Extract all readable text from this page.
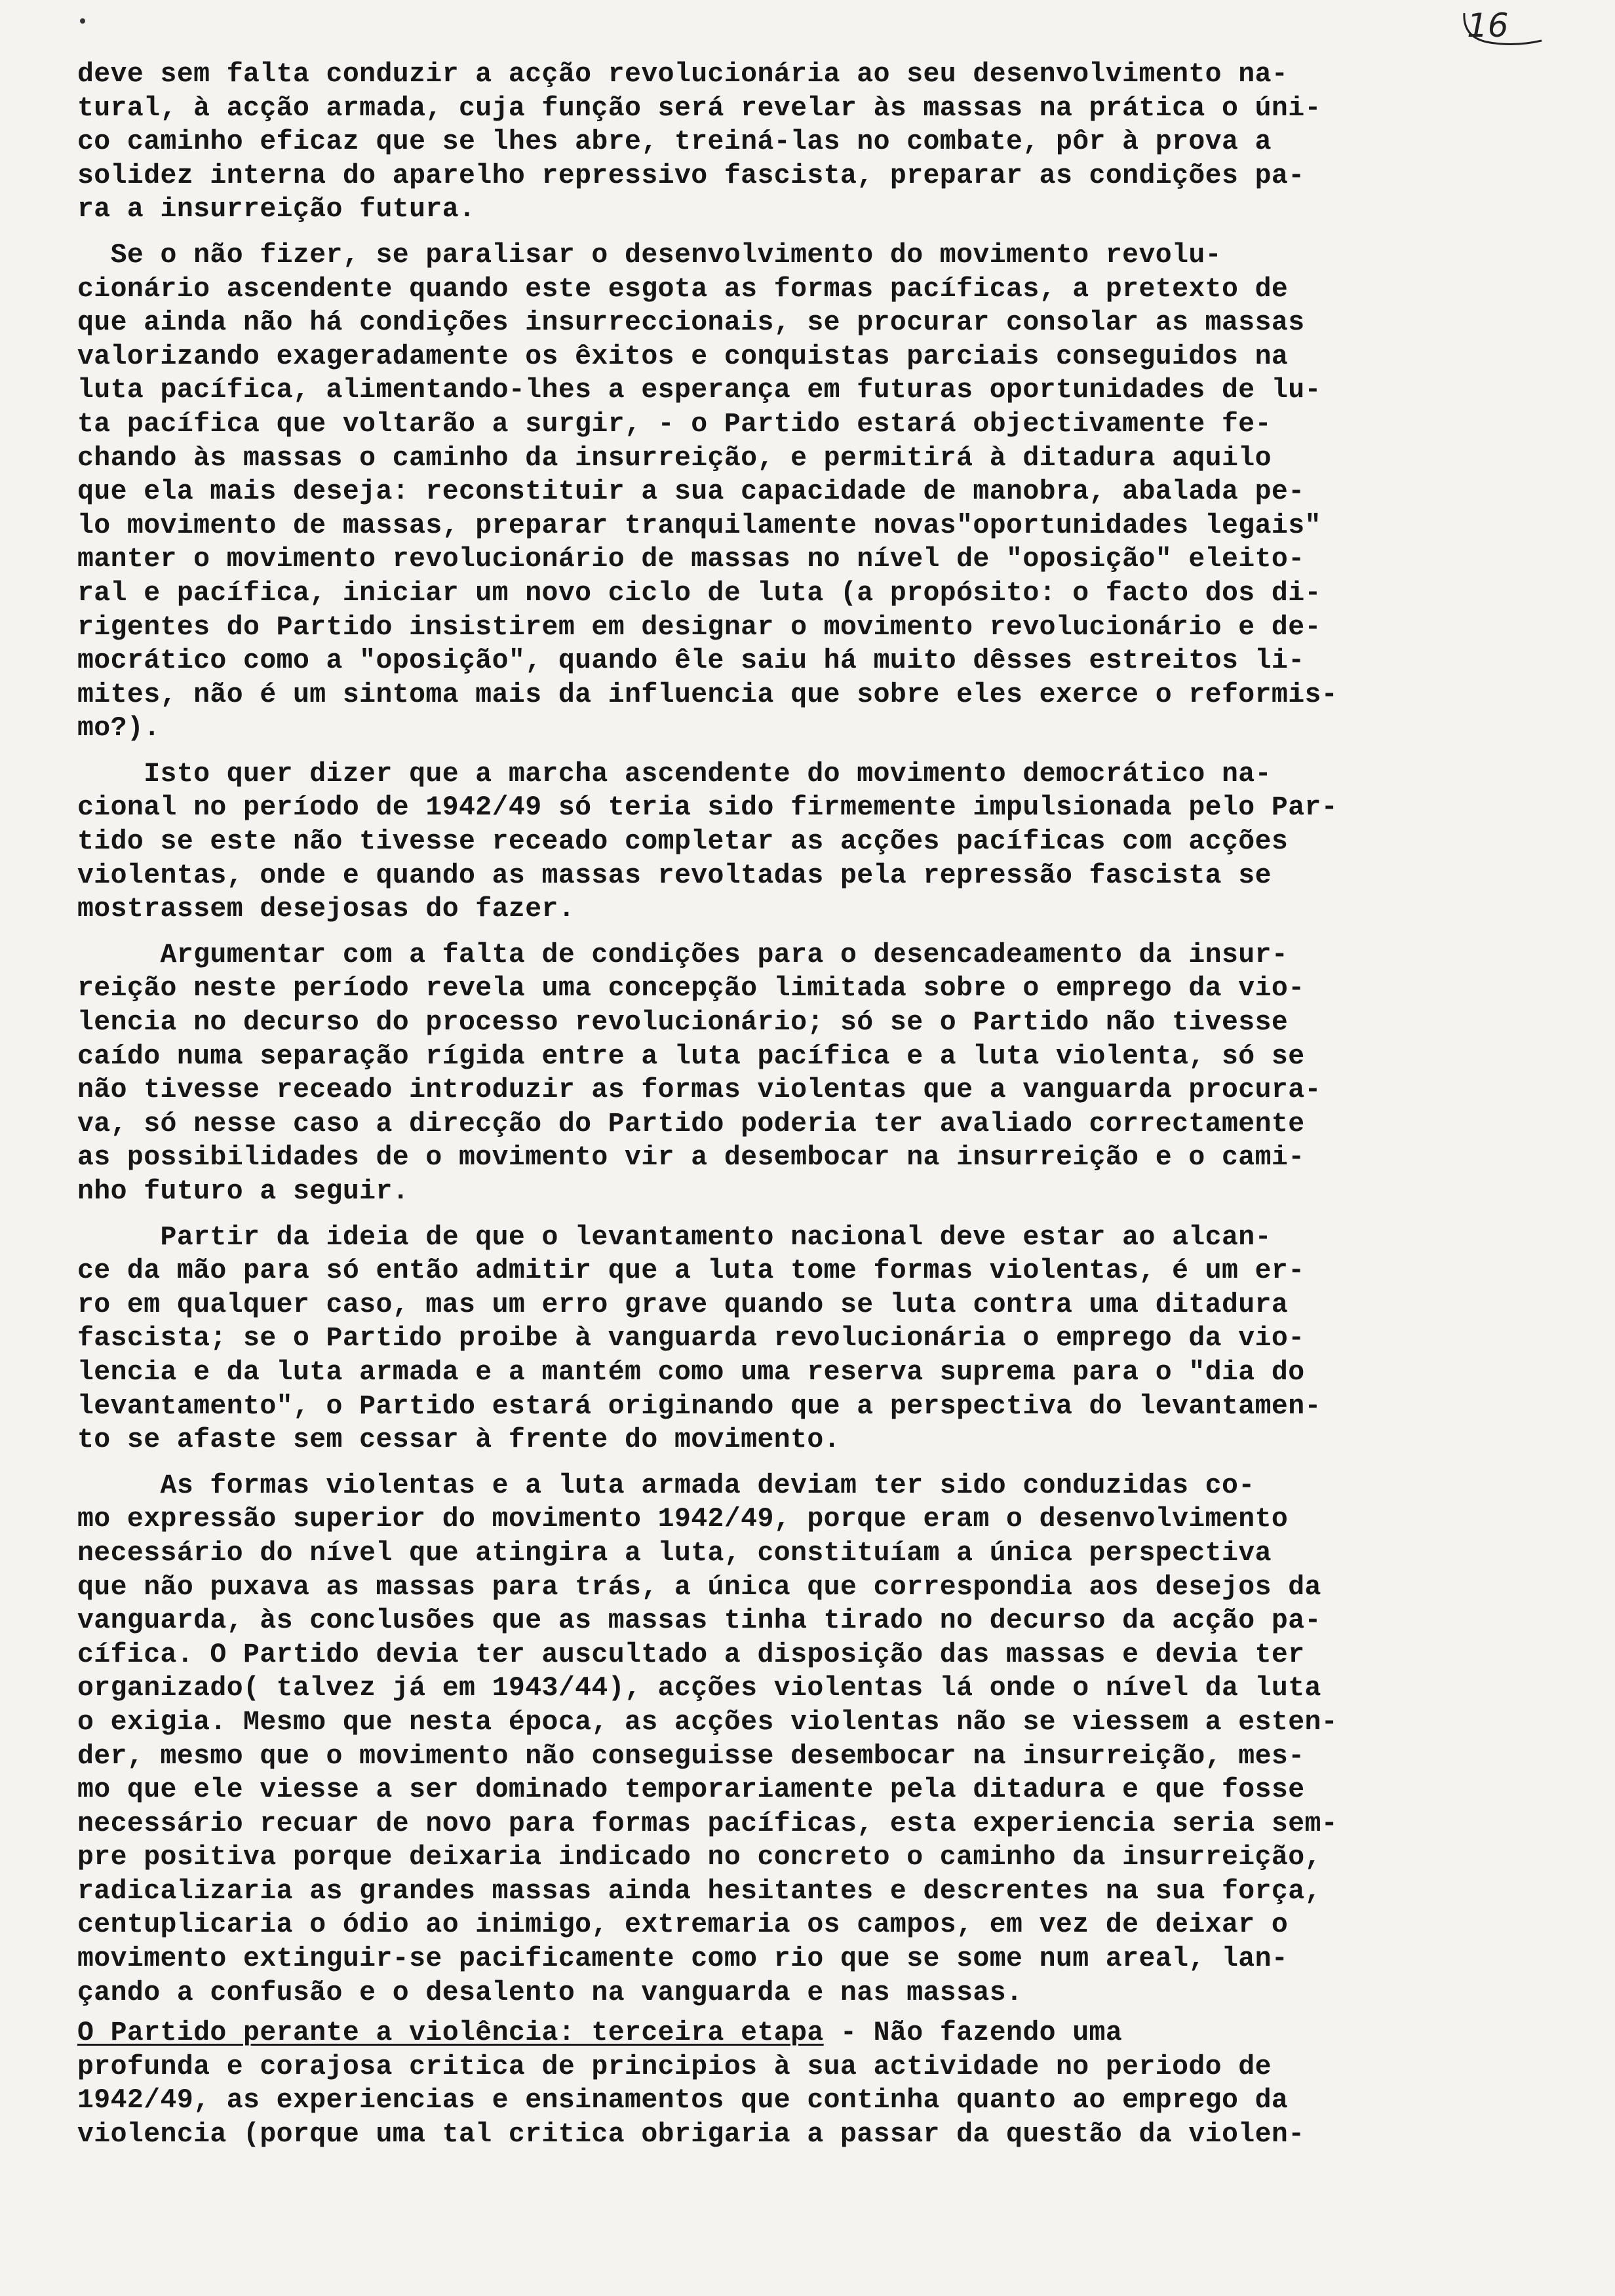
16
deve sem falta conduzir a acção revolucionária ao seu desenvolvimento na-
tural, à acção armada, cuja função será revelar às massas na prática o úni-
co caminho eficaz que se lhes abre, treiná-las no combate, pôr à prova a
solidez interna do aparelho repressivo fascista, preparar as condições pa-
ra a insurreição futura.
Se o não fizer, se paralisar o desenvolvimento do movimento revolu-
cionário ascendente quando este esgota as formas pacíficas, a pretexto de
que ainda não há condições insurreccionais, se procurar consolar as massas
valorizando exageradamente os êxitos e conquistas parciais conseguidos na
luta pacífica, alimentando-lhes a esperança em futuras oportunidades de lu-
ta pacífica que voltarão a surgir, - o Partido estará objectivamente fe-
chando às massas o caminho da insurreição, e permitirá à ditadura aquilo
que ela mais deseja: reconstituir a sua capacidade de manobra, abalada pe-
lo movimento de massas, preparar tranquilamente novas"oportunidades legais"
manter o movimento revolucionário de massas no nível de "oposição" eleito-
ral e pacífica, iniciar um novo ciclo de luta (a propósito: o facto dos di-
rigentes do Partido insistirem em designar o movimento revolucionário e de-
mocrático como a "oposição", quando êle saiu há muito dêsses estreitos li-
mites, não é um sintoma mais da influencia que sobre eles exerce o reformis-
mo?).
Isto quer dizer que a marcha ascendente do movimento democrático na-
cional no período de 1942/49 só teria sido firmemente impulsionada pelo Par-
tido se este não tivesse receado completar as acções pacíficas com acções
violentas, onde e quando as massas revoltadas pela repressão fascista se
mostrassem desejosas do fazer.
Argumentar com a falta de condições para o desencadeamento da insur-
reição neste período revela uma concepção limitada sobre o emprego da vio-
lencia no decurso do processo revolucionário; só se o Partido não tivesse
caído numa separação rígida entre a luta pacífica e a luta violenta, só se
não tivesse receado introduzir as formas violentas que a vanguarda procura-
va, só nesse caso a direcção do Partido poderia ter avaliado correctamente
as possibilidades de o movimento vir a desembocar na insurreição e o cami-
nho futuro a seguir.
Partir da ideia de que o levantamento nacional deve estar ao alcan-
ce da mão para só então admitir que a luta tome formas violentas, é um er-
ro em qualquer caso, mas um erro grave quando se luta contra uma ditadura
fascista; se o Partido proibe à vanguarda revolucionária o emprego da vio-
lencia e da luta armada e a mantém como uma reserva suprema para o "dia do
levantamento", o Partido estará originando que a perspectiva do levantamen-
to se afaste sem cessar à frente do movimento.
As formas violentas e a luta armada deviam ter sido conduzidas co-
mo expressão superior do movimento 1942/49, porque eram o desenvolvimento
necessário do nível que atingira a luta, constituíam a única perspectiva
que não puxava as massas para trás, a única que correspondia aos desejos da
vanguarda, às conclusões que as massas tinha tirado no decurso da acção pa-
cífica. O Partido devia ter auscultado a disposição das massas e devia ter
organizado( talvez já em 1943/44), acções violentas lá onde o nível da luta
o exigia. Mesmo que nesta época, as acções violentas não se viessem a esten-
der, mesmo que o movimento não conseguisse desembocar na insurreição, mes-
mo que ele viesse a ser dominado temporariamente pela ditadura e que fosse
necessário recuar de novo para formas pacíficas, esta experiencia seria sem-
pre positiva porque deixaria indicado no concreto o caminho da insurreição,
radicalizaria as grandes massas ainda hesitantes e descrentes na sua força,
centuplicaria o ódio ao inimigo, extremaria os campos, em vez de deixar o
movimento extinguir-se pacificamente como rio que se some num areal, lan-
çando a confusão e o desalento na vanguarda e nas massas.
O Partido perante a violência: terceira etapa - Não fazendo uma
profunda e corajosa critica de principios à sua actividade no periodo de
1942/49, as experiencias e ensinamentos que continha quanto ao emprego da
violencia (porque uma tal critica obrigaria a passar da questão da violen-
